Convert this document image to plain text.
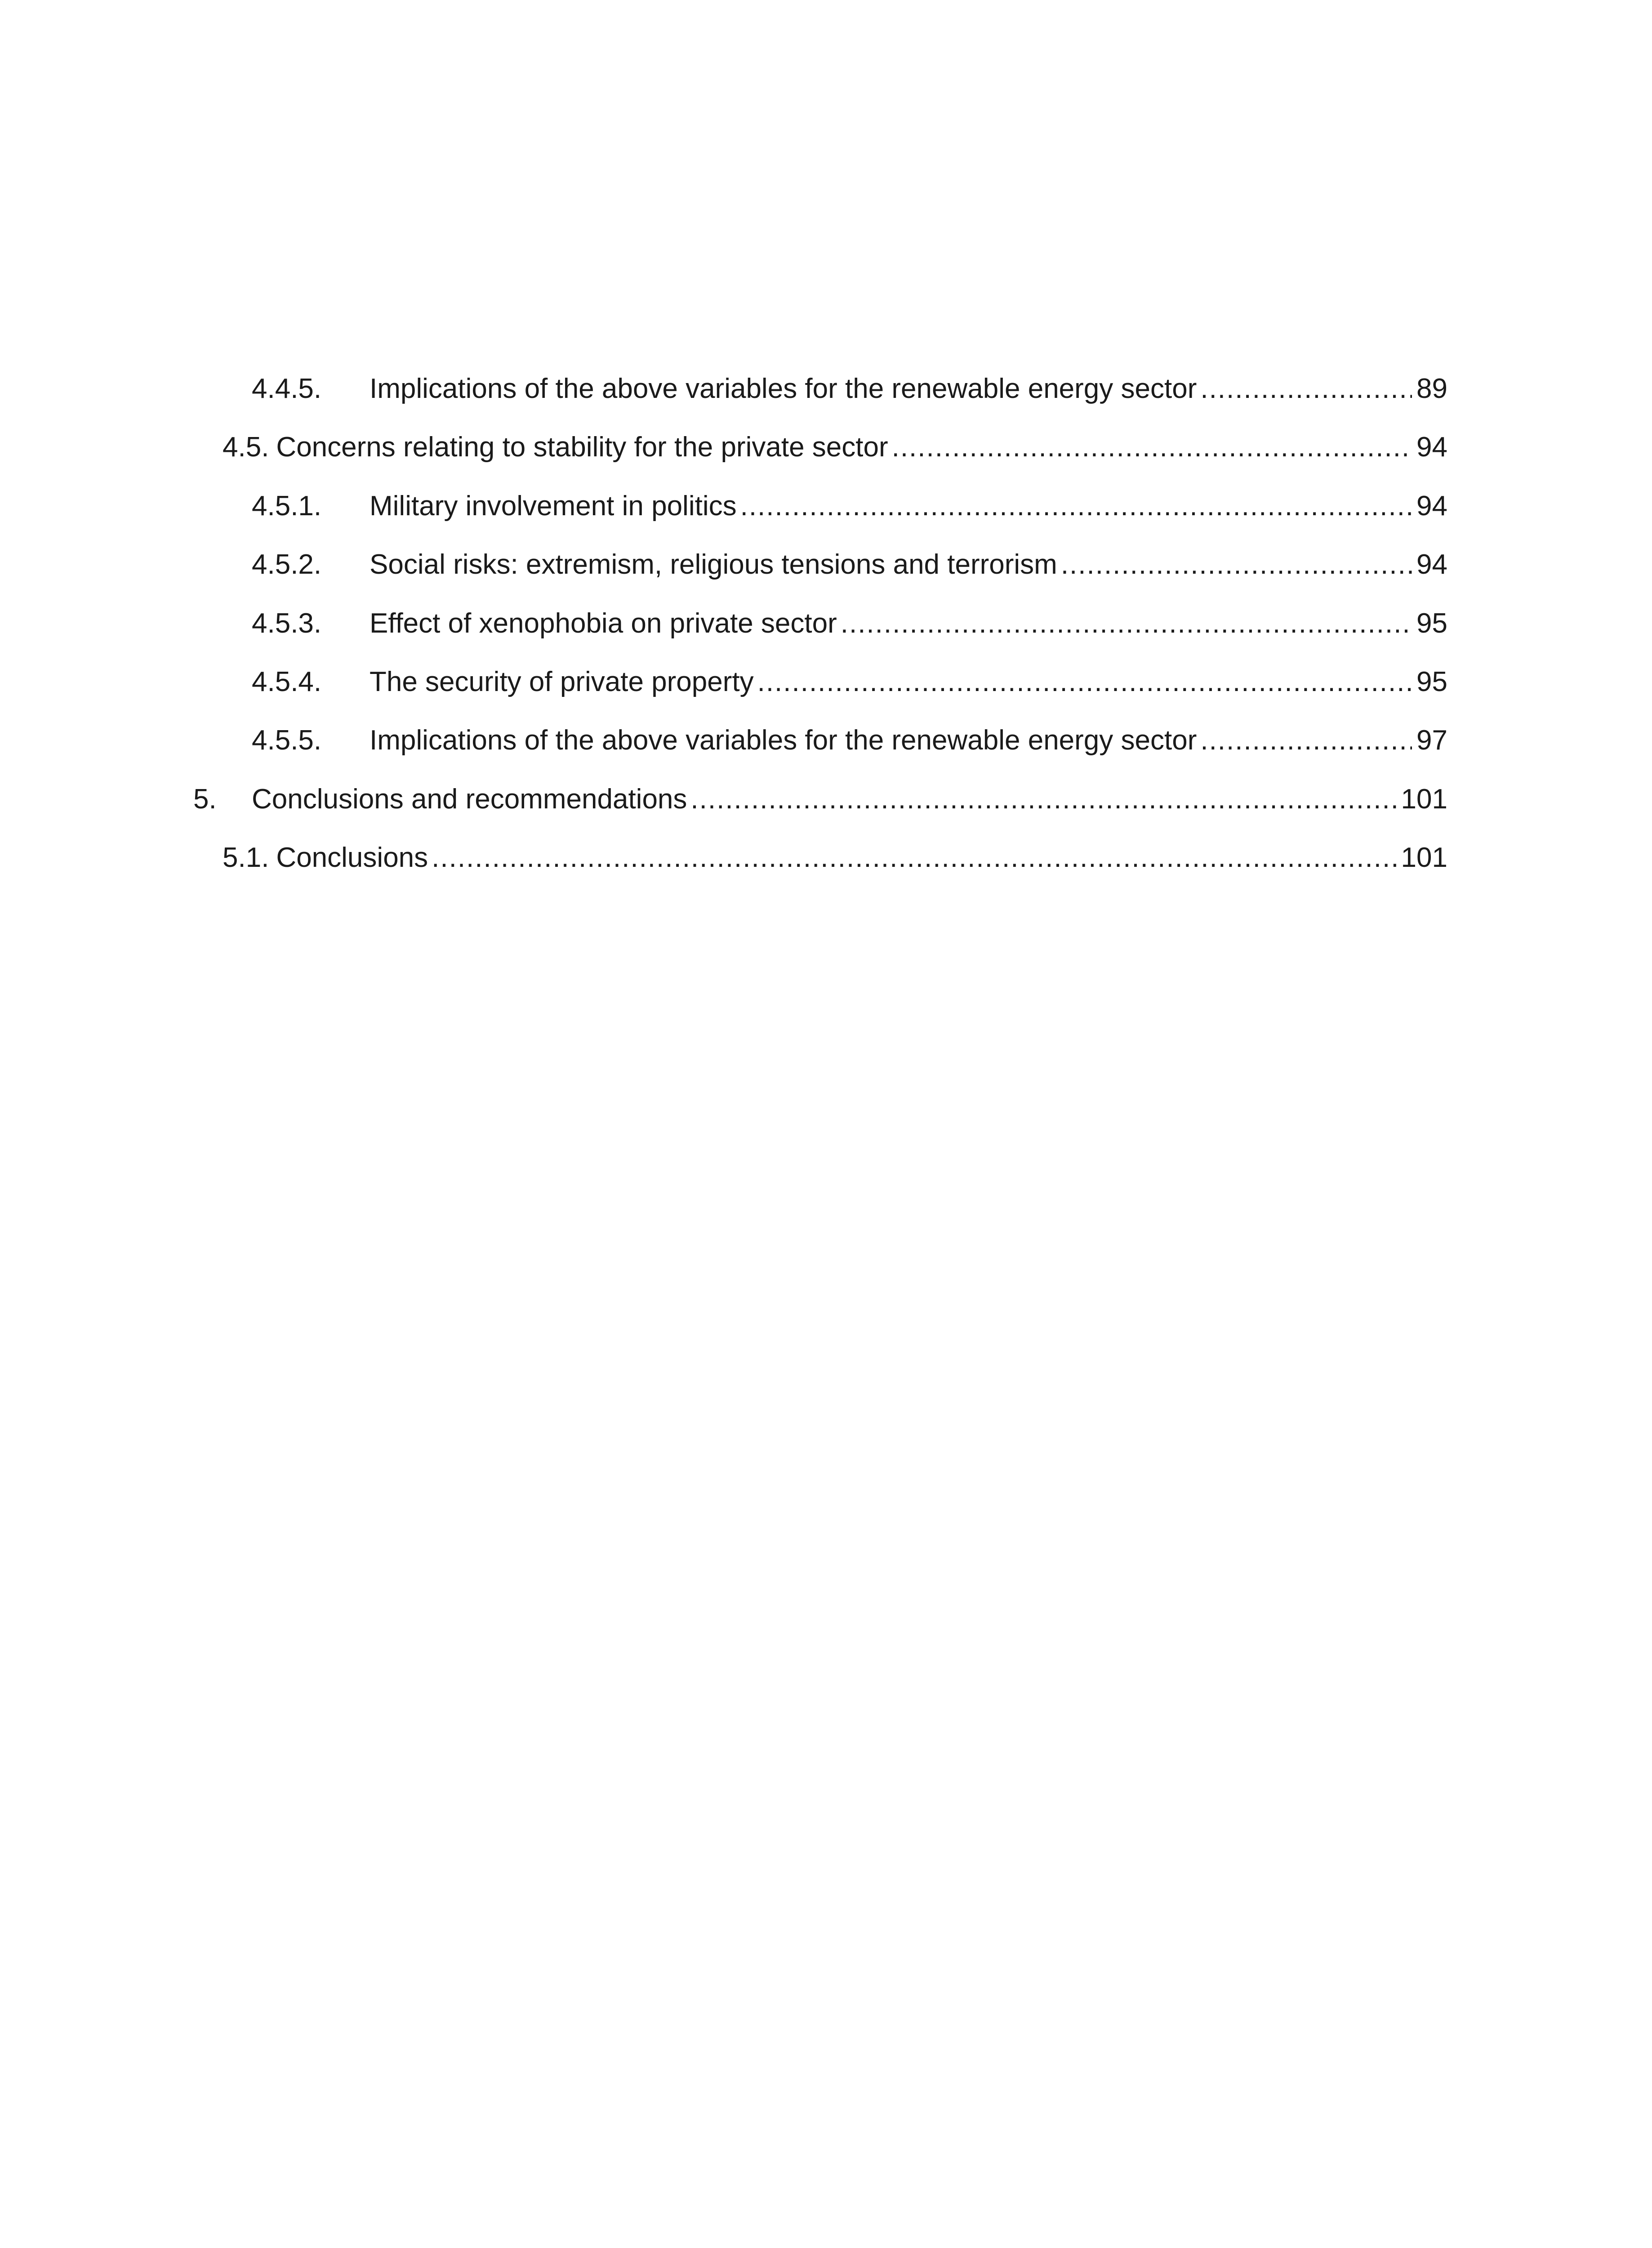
4.4.5.	Implications of the above variables for the renewable energy sector .....	89
4.5. Concerns relating to stability for the private sector .....	94
4.5.1.	Military involvement in politics .....	94
4.5.2.	Social risks: extremism, religious tensions and terrorism .....	94
4.5.3.	Effect of xenophobia on private sector .....	95
4.5.4.	The security of private property .....	95
4.5.5.	Implications of the above variables for the renewable energy sector .....	97
5.	Conclusions and recommendations .....	101
5.1. Conclusions .....	101
